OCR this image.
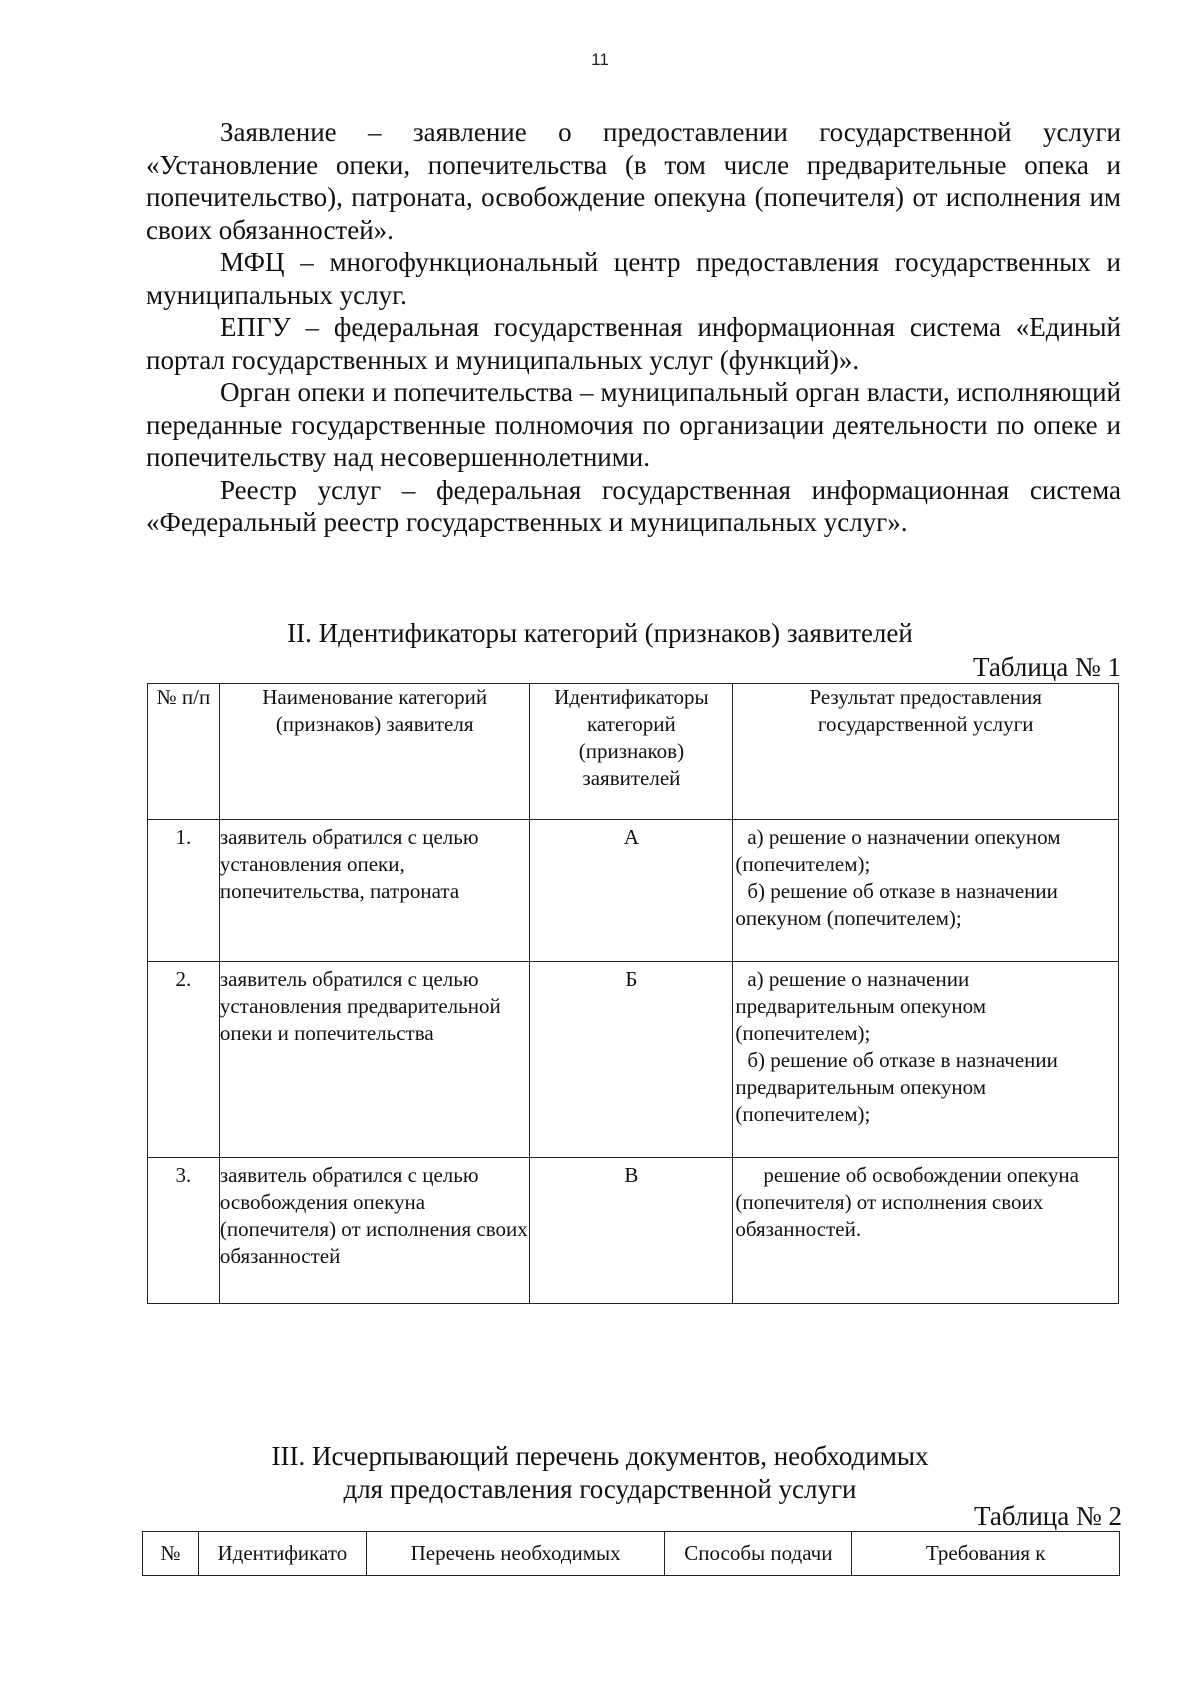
11

Заявление – заявление о предоставлении государственной услуги «Установление опеки, попечительства (в том числе предварительные опека и попечительство), патроната, освобождение опекуна (попечителя) от исполнения им своих обязанностей».

МФЦ – многофункциональный центр предоставления государственных и муниципальных услуг.

ЕПГУ – федеральная государственная информационная система «Единый портал государственных и муниципальных услуг (функций)».

Орган опеки и попечительства – муниципальный орган власти, исполняющий переданные государственные полномочия по организации деятельности по опеке и попечительству над несовершеннолетними.

Реестр услуг – федеральная государственная информационная система «Федеральный реестр государственных и муниципальных услуг».

II. Идентификаторы категорий (признаков) заявителей
Таблица № 1
№ п/п	Наименование категорий (признаков) заявителя	Идентификаторы категорий (признаков) заявителей	Результат предоставления государственной услуги
1.	заявитель обратился с целью установления опеки, попечительства, патроната	А	а) решение о назначении опекуном (попечителем);
б) решение об отказе в назначении опекуном (попечителем);

2.	заявитель обратился с целью установления предварительной опеки и попечительства	Б	а) решение о назначении предварительным опекуном (попечителем);
б) решение об отказе в назначении предварительным опекуном (попечителем);

3.	заявитель обратился с целью освобождения опекуна (попечителя) от исполнения своих обязанностей	В	решение об освобождении опекуна (попечителя) от исполнения своих обязанностей.
III. Исчерпывающий перечень документов, необходимых
для предоставления государственной услуги
Таблица № 2
№	Идентификато	Перечень необходимых	Способы подачи	Требования к
